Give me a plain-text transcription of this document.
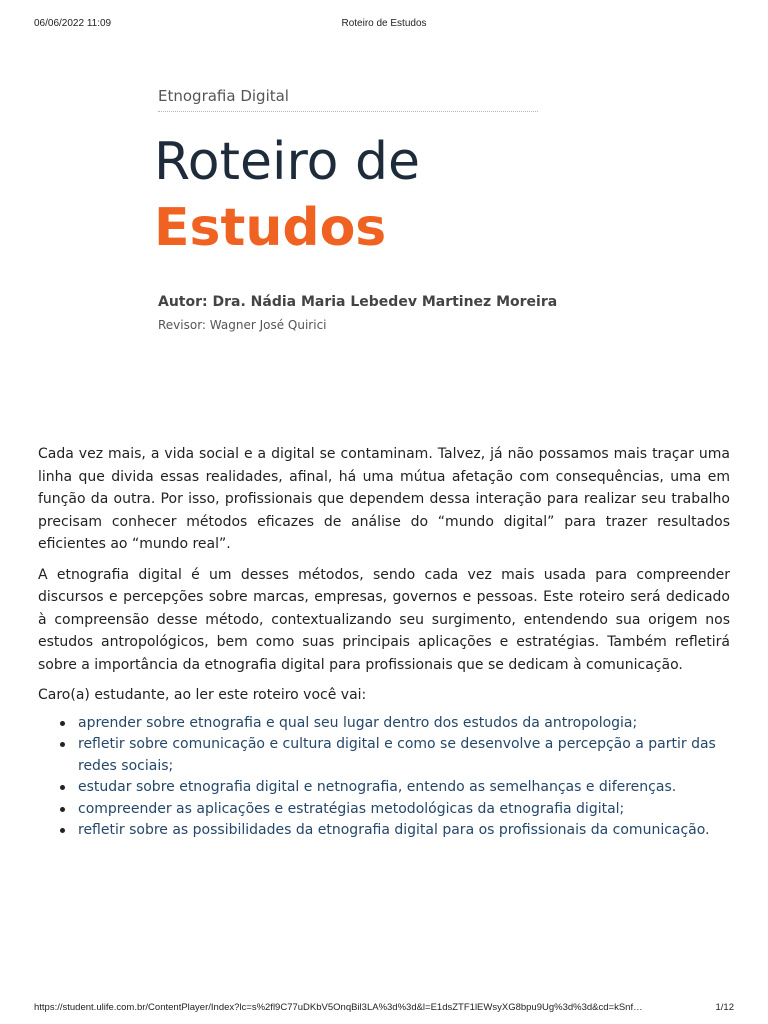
06/06/2022 11:09	Roteiro de Estudos
Etnografia Digital
Roteiro de
Estudos
Autor: Dra. Nádia Maria Lebedev Martinez Moreira
Revisor: Wagner José Quirici

Cada vez mais, a vida social e a digital se contaminam. Talvez, já não possamos mais traçar uma linha que divida essas realidades, afinal, há uma mútua afetação com consequências, uma em função da outra. Por isso, profissionais que dependem dessa interação para realizar seu trabalho precisam conhecer métodos eficazes de análise do “mundo digital” para trazer resultados eficientes ao “mundo real”.

A etnografia digital é um desses métodos, sendo cada vez mais usada para compreender discursos e percepções sobre marcas, empresas, governos e pessoas. Este roteiro será dedicado à compreensão desse método, contextualizando seu surgimento, entendendo sua origem nos estudos antropológicos, bem como suas principais aplicações e estratégias. Também refletirá sobre a importância da etnografia digital para profissionais que se dedicam à comunicação.

Caro(a) estudante, ao ler este roteiro você vai:

aprender sobre etnografia e qual seu lugar dentro dos estudos da antropologia;
refletir sobre comunicação e cultura digital e como se desenvolve a percepção a partir das redes sociais;
estudar sobre etnografia digital e netnografia, entendo as semelhanças e diferenças.
compreender as aplicações e estratégias metodológicas da etnografia digital;
refletir sobre as possibilidades da etnografia digital para os profissionais da comunicação.
https://student.ulife.com.br/ContentPlayer/Index?lc=s%2fl9C77uDKbV5OnqBil3LA%3d%3d&l=E1dsZTF1lEWsyXG8bpu9Ug%3d%3d&cd=kSnf…	1/12
